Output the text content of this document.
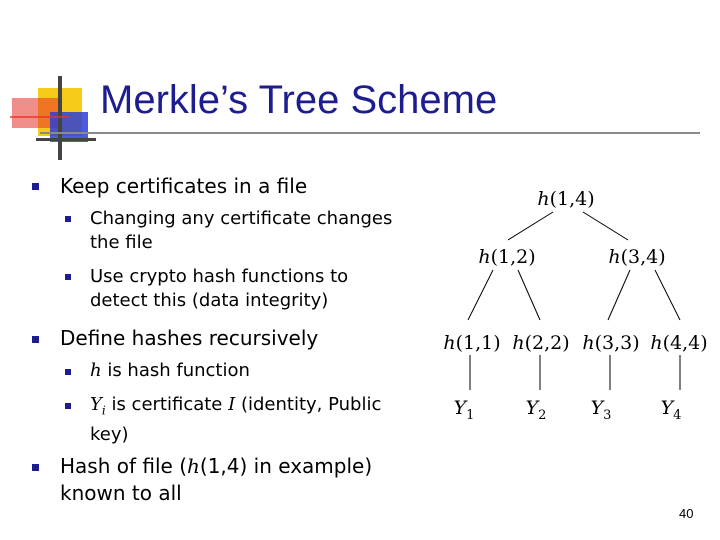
Merkle’s Tree Scheme
Keep certificates in a file
Changing any certificate changes
the file
Use crypto hash functions to
detect this (data integrity)
Define hashes recursively
h is hash function
$Y_i$ is certificate I (identity, Public
key)
Hash of file (h(1,4) in example)
known to all
h(1,4)
h(1,2)	h(3,4)
h(1,1) h(2,2) h(3,3) h(4,4)
$Y_1$	$Y_2$ $Y_3$	$Y_4$
40
